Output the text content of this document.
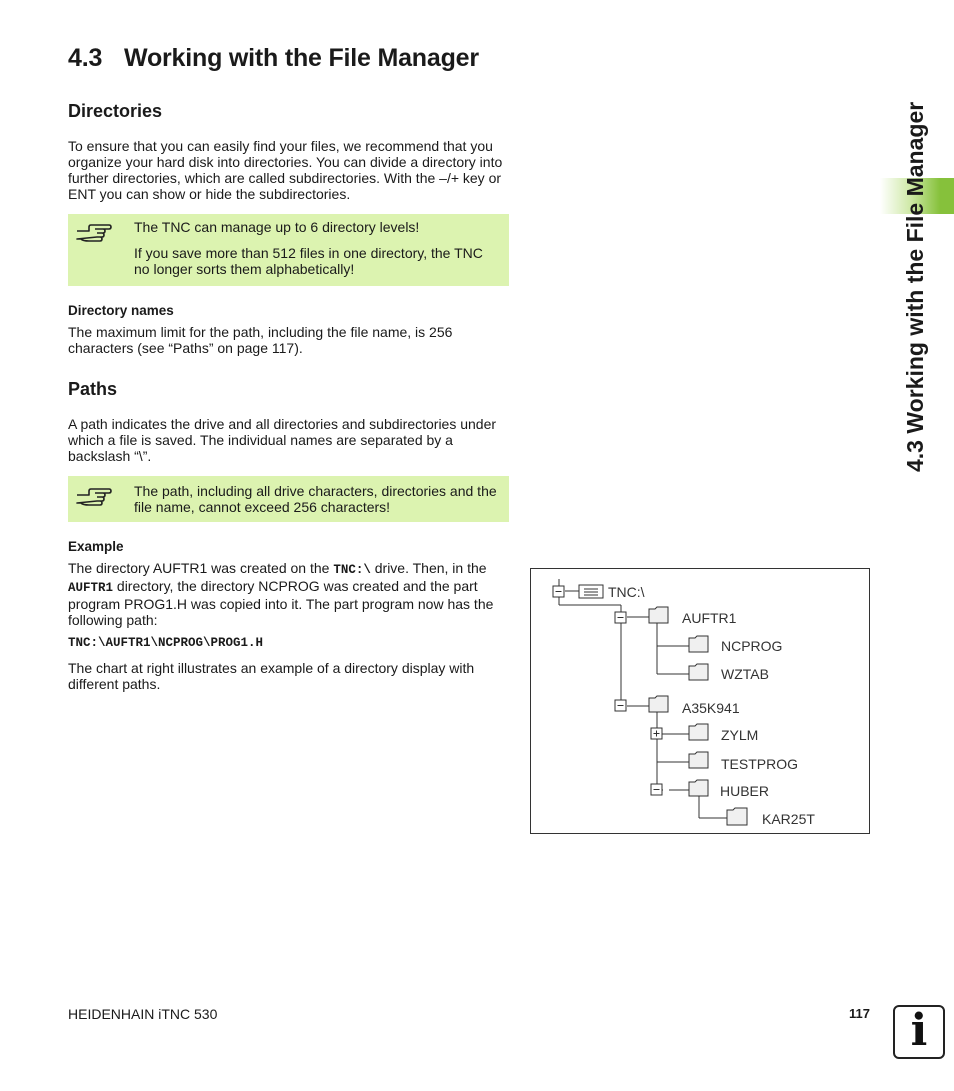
4.3 Working with the File Manager
4.3 Working with the File Manager
Directories

To ensure that you can easily find your files, we recommend that you
organize your hard disk into directories. You can divide a directory into
further directories, which are called subdirectories. With the –/+ key or
ENT you can show or hide the subdirectories.

The TNC can manage up to 6 directory levels!

If you save more than 512 files in one directory, the TNC
no longer sorts them alphabetically!

Directory names

The maximum limit for the path, including the file name, is 256
characters (see “Paths” on page 117).

Paths

A path indicates the drive and all directories and subdirectories under
which a file is saved. The individual names are separated by a
backslash “\”.

The path, including all drive characters, directories and the
file name, cannot exceed 256 characters!

Example

The directory AUFTR1 was created on the TNC:\ drive. Then, in the
AUFTR1 directory, the directory NCPROG was created and the part
program PROG1.H was copied into it. The part program now has the
following path:

TNC:\AUFTR1\NCPROG\PROG1.H

The chart at right illustrates an example of a directory display with
different paths.

TNC:\
AUFTR1
NCPROG
WZTAB
A35K941
ZYLM
TESTPROG
HUBER
KAR25T
HEIDENHAIN iTNC 530	117 i
